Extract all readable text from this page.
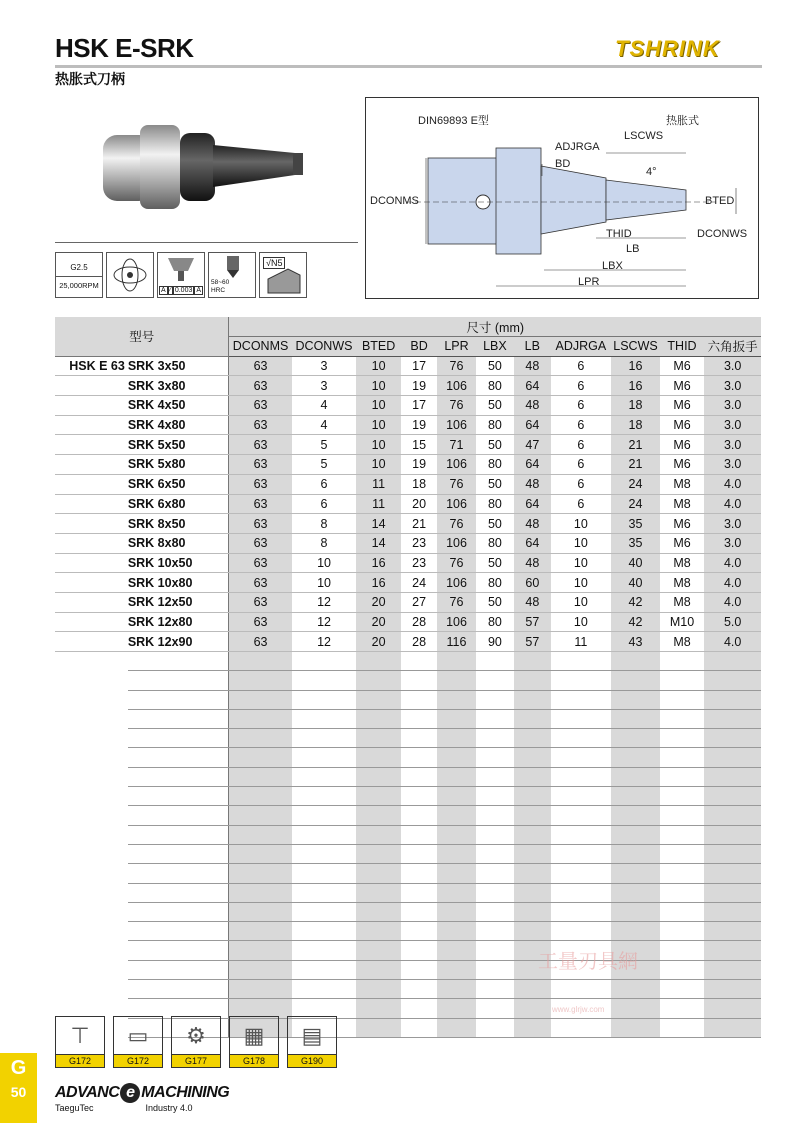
HSK E-SRK	TSHRINK
热胀式刀柄
G2.5
25,000RPM
A ⁄ 0.003 A
58~60 HRC
√N5
DIN69893 E型	热胀式
DCONMS
ADJRGA
LSCWS
BD
4°
BTED
THID	DCONWS
LB
LBX
LPR
型号		尺寸 (mm)										
		DCONMS	DCONWS	BTED	BD	LPR	LBX	LB	ADJRGA	LSCWS	THID	六角扳手
HSK E 63	SRK 3x50	63	3	10	17	76	50	48	6	16	M6	3.0
	SRK 3x80	63	3	10	19	106	80	64	6	16	M6	3.0
	SRK 4x50	63	4	10	17	76	50	48	6	18	M6	3.0
	SRK 4x80	63	4	10	19	106	80	64	6	18	M6	3.0
	SRK 5x50	63	5	10	15	71	50	47	6	21	M6	3.0
	SRK 5x80	63	5	10	19	106	80	64	6	21	M6	3.0
	SRK 6x50	63	6	11	18	76	50	48	6	24	M8	4.0
	SRK 6x80	63	6	11	20	106	80	64	6	24	M8	4.0
	SRK 8x50	63	8	14	21	76	50	48	10	35	M6	3.0
	SRK 8x80	63	8	14	23	106	80	64	10	35	M6	3.0
	SRK 10x50	63	10	16	23	76	50	48	10	40	M8	4.0
	SRK 10x80	63	10	16	24	106	80	60	10	40	M8	4.0
	SRK 12x50	63	12	20	27	76	50	48	10	42	M8	4.0
	SRK 12x80	63	12	20	28	106	80	57	10	42	M10	5.0
	SRK 12x90	63	12	20	28	116	90	57	11	43	M8	4.0

工量刃具網
www.glrjw.com
⊤
G172
▭
G172
⚙
G177
▦
G178
▤
G190
G
50	ADVANC e MACHINING
TaeguTec	Industry 4.0
